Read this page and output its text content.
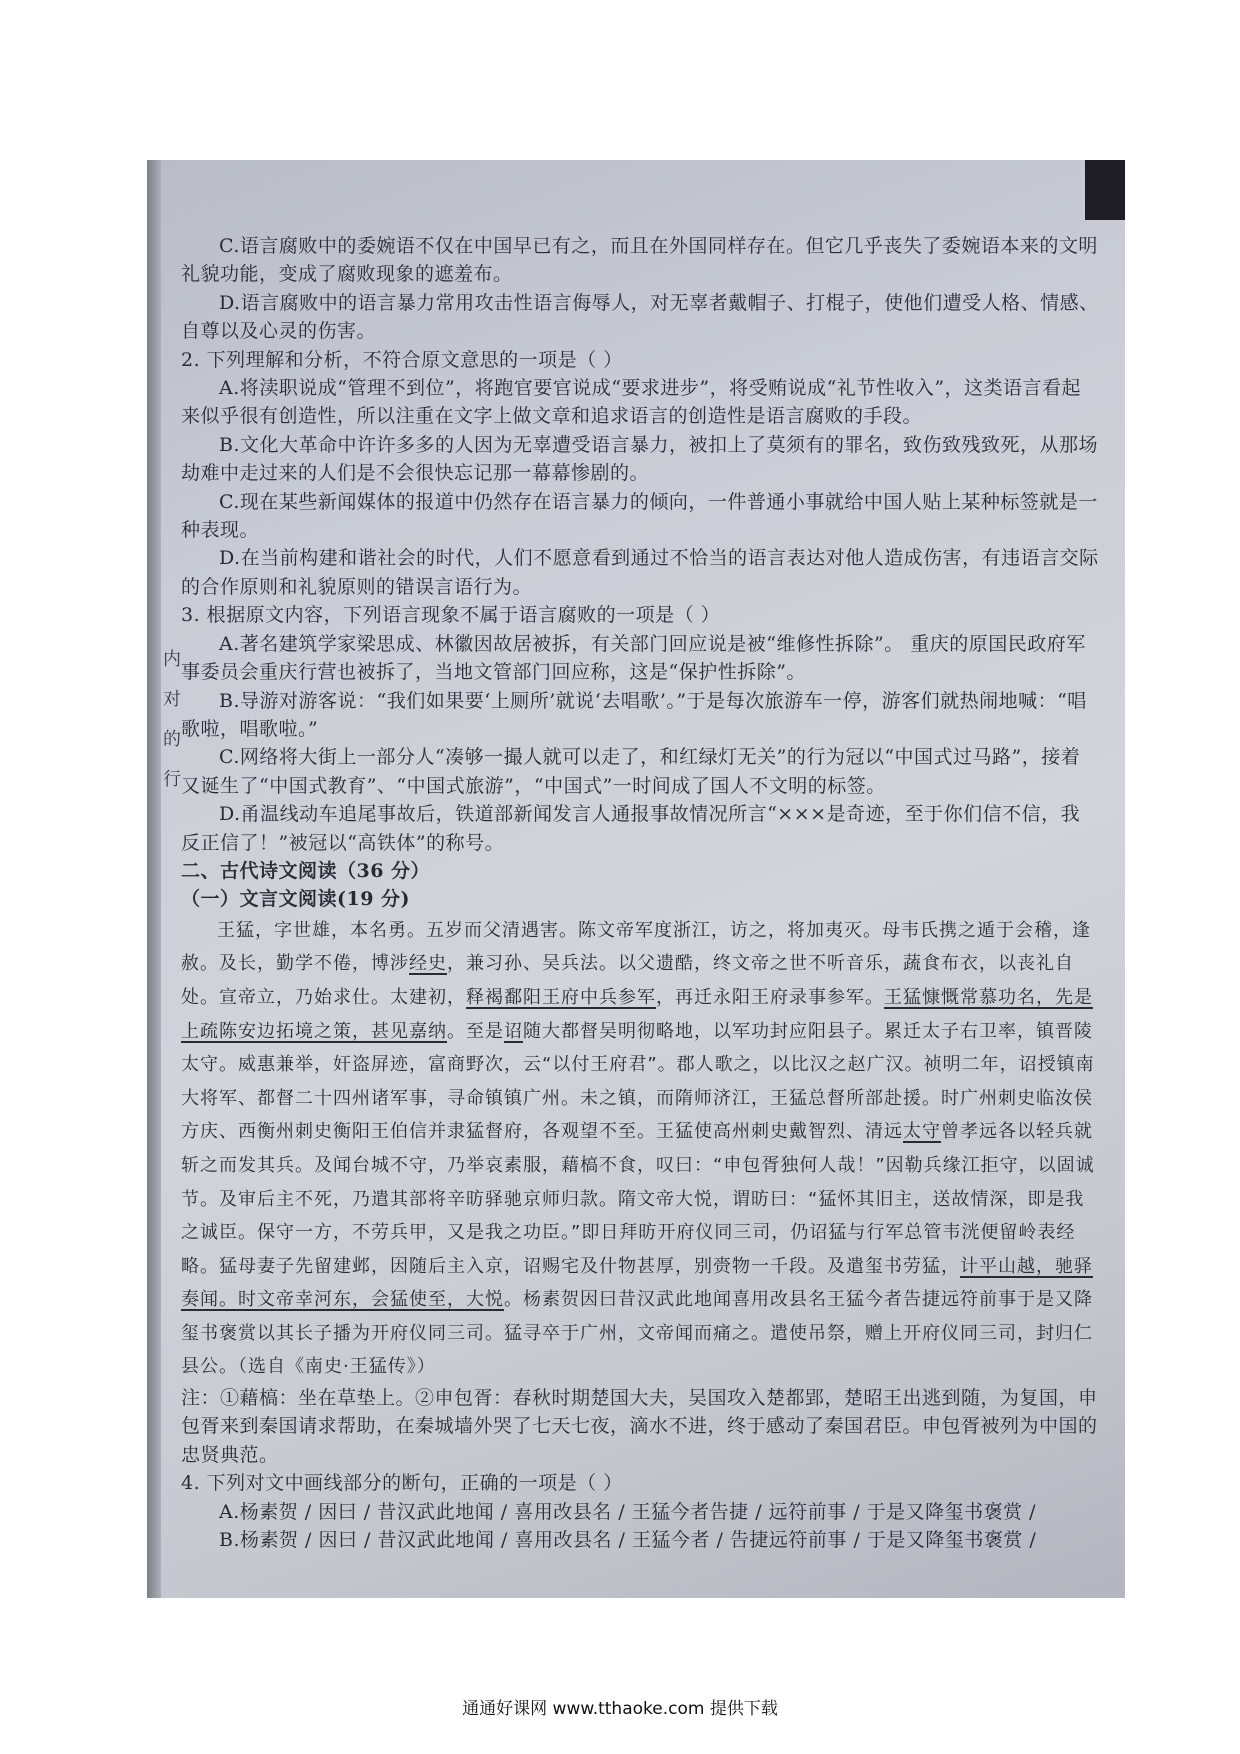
内
对
的
行

C.语言腐败中的委婉语不仅在中国早已有之，而且在外国同样存在。但它几乎丧失了委婉语本来的文明礼貌功能，变成了腐败现象的遮羞布。

D.语言腐败中的语言暴力常用攻击性语言侮辱人，对无辜者戴帽子、打棍子，使他们遭受人格、情感、自尊以及心灵的伤害。

2. 下列理解和分析，不符合原文意思的一项是（ ）

A.将渎职说成“管理不到位”，将跑官要官说成“要求进步”，将受贿说成“礼节性收入”，这类语言看起来似乎很有创造性，所以注重在文字上做文章和追求语言的创造性是语言腐败的手段。

B.文化大革命中许许多多的人因为无辜遭受语言暴力，被扣上了莫须有的罪名，致伤致残致死，从那场劫难中走过来的人们是不会很快忘记那一幕幕惨剧的。

C.现在某些新闻媒体的报道中仍然存在语言暴力的倾向，一件普通小事就给中国人贴上某种标签就是一种表现。

D.在当前构建和谐社会的时代，人们不愿意看到通过不恰当的语言表达对他人造成伤害，有违语言交际的合作原则和礼貌原则的错误言语行为。

3. 根据原文内容，下列语言现象不属于语言腐败的一项是（ ）

A.著名建筑学家梁思成、林徽因故居被拆，有关部门回应说是被“维修性拆除”。 重庆的原国民政府军事委员会重庆行营也被拆了，当地文管部门回应称，这是“保护性拆除”。

B.导游对游客说：“我们如果要‘上厕所’就说‘去唱歌’。”于是每次旅游车一停，游客们就热闹地喊：“唱歌啦，唱歌啦。”

C.网络将大街上一部分人“凑够一撮人就可以走了，和红绿灯无关”的行为冠以“中国式过马路”，接着又诞生了“中国式教育”、“中国式旅游”，“中国式”一时间成了国人不文明的标签。

D.甬温线动车追尾事故后，铁道部新闻发言人通报事故情况所言“×××是奇迹，至于你们信不信，我反正信了！”被冠以“高铁体”的称号。

二、古代诗文阅读（36 分）

（一）文言文阅读(19 分)

王猛，字世雄，本名勇。五岁而父清遇害。陈文帝军度浙江，访之，将加夷灭。母韦氏携之遁于会稽，逢赦。及长，勤学不倦，博涉经史，兼习孙、吴兵法。以父遗酷，终文帝之世不听音乐，蔬食布衣，以丧礼自处。宣帝立，乃始求仕。太建初，释褐鄱阳王府中兵参军，再迁永阳王府录事参军。王猛慷慨常慕功名，先是上疏陈安边拓境之策，甚见嘉纳。至是诏随大都督吴明彻略地，以军功封应阳县子。累迁太子右卫率，镇晋陵太守。威惠兼举，奸盗屏迹，富商野次，云“以付王府君”。郡人歌之，以比汉之赵广汉。祯明二年，诏授镇南大将军、都督二十四州诸军事，寻命镇镇广州。未之镇，而隋师济江，王猛总督所部赴援。时广州刺史临汝侯方庆、西衡州刺史衡阳王伯信并隶猛督府，各观望不至。王猛使高州刺史戴智烈、清远太守曾孝远各以轻兵就斩之而发其兵。及闻台城不守，乃举哀素服，藉槁不食，叹曰：“申包胥独何人哉！”因勒兵缘江拒守，以固诚节。及审后主不死，乃遣其部将辛昉驿驰京师归款。隋文帝大悦，谓昉曰：“猛怀其旧主，送故情深，即是我之诚臣。保守一方，不劳兵甲，又是我之功臣。”即日拜昉开府仪同三司，仍诏猛与行军总管韦洸便留岭表经略。猛母妻子先留建邺，因随后主入京，诏赐宅及什物甚厚，别赍物一千段。及遣玺书劳猛，计平山越，驰驿奏闻。时文帝幸河东，会猛使至，大悦。杨素贺因曰昔汉武此地闻喜用改县名王猛今者告捷远符前事于是又降玺书褒赏以其长子播为开府仪同三司。猛寻卒于广州，文帝闻而痛之。遣使吊祭，赠上开府仪同三司，封归仁县公。（选自《南史·王猛传》）

注：①藉槁：坐在草垫上。②申包胥：春秋时期楚国大夫，吴国攻入楚都郢，楚昭王出逃到随，为复国，申包胥来到秦国请求帮助，在秦城墙外哭了七天七夜，滴水不进，终于感动了秦国君臣。申包胥被列为中国的忠贤典范。

4. 下列对文中画线部分的断句，正确的一项是（ ）

A.杨素贺 / 因曰 / 昔汉武此地闻 / 喜用改县名 / 王猛今者告捷 / 远符前事 / 于是又降玺书褒赏 /

B.杨素贺 / 因曰 / 昔汉武此地闻 / 喜用改县名 / 王猛今者 / 告捷远符前事 / 于是又降玺书褒赏 /

通通好课网 www.tthaoke.com 提供下载
